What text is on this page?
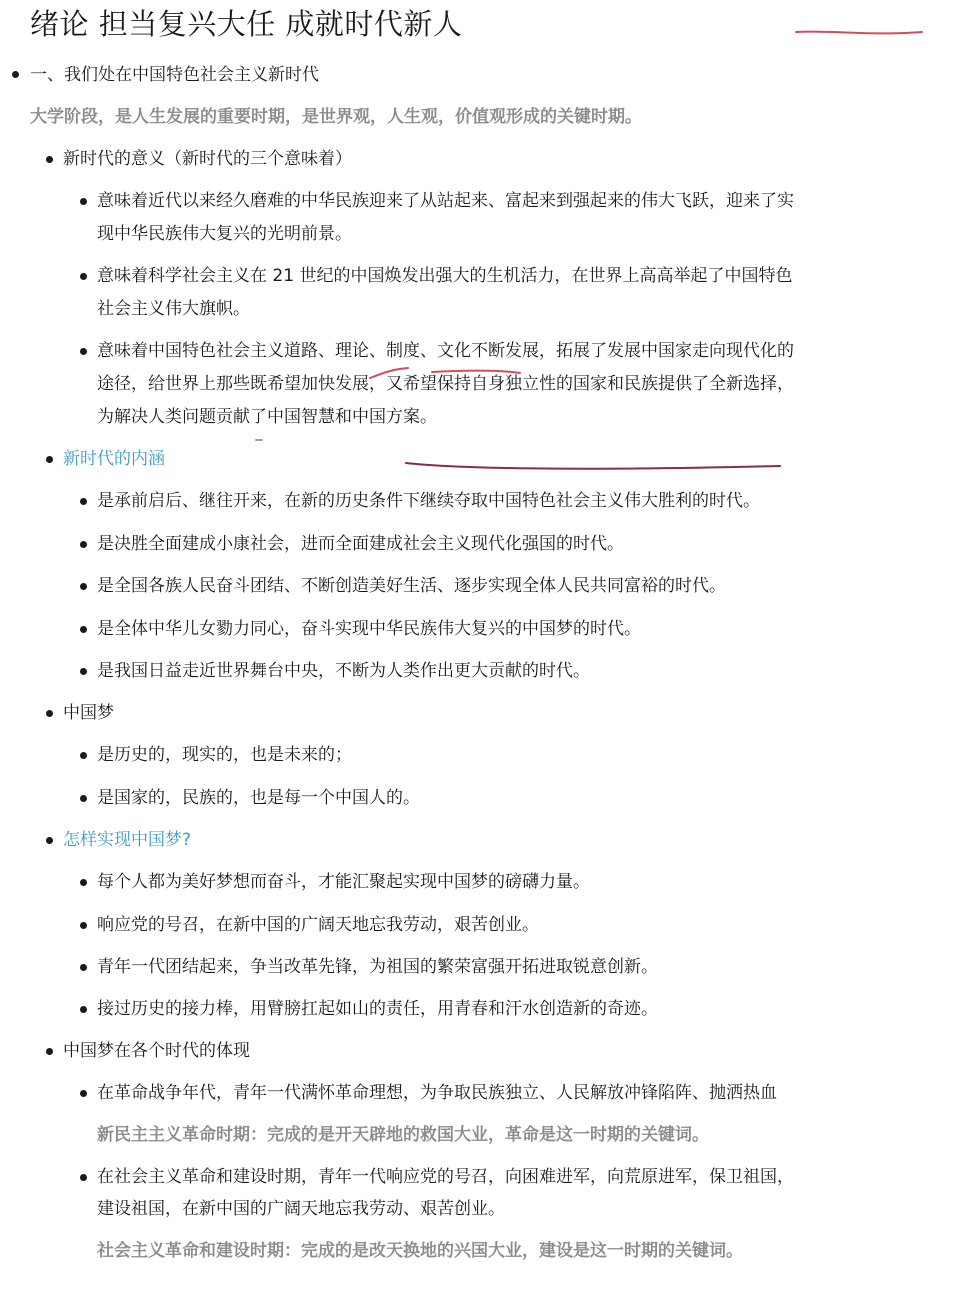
绪论 担当复兴大任 成就时代新人
一、我们处在中国特色社会主义新时代
大学阶段，是人生发展的重要时期，是世界观，人生观，价值观形成的关键时期。
新时代的意义（新时代的三个意味着）
意味着近代以来经久磨难的中华民族迎来了从站起来、富起来到强起来的伟大飞跃，迎来了实
现中华民族伟大复兴的光明前景。
意味着科学社会主义在 21 世纪的中国焕发出强大的生机活力，在世界上高高举起了中国特色
社会主义伟大旗帜。
意味着中国特色社会主义道路、理论、制度、文化不断发展，拓展了发展中国家走向现代化的
途径，给世界上那些既希望加快发展，又希望保持自身独立性的国家和民族提供了全新选择，
为解决人类问题贡献了中国智慧和中国方案。
新时代的内涵
是承前启后、继往开来，在新的历史条件下继续夺取中国特色社会主义伟大胜利的时代。
是决胜全面建成小康社会，进而全面建成社会主义现代化强国的时代。
是全国各族人民奋斗团结、不断创造美好生活、逐步实现全体人民共同富裕的时代。
是全体中华儿女勠力同心，奋斗实现中华民族伟大复兴的中国梦的时代。
是我国日益走近世界舞台中央，不断为人类作出更大贡献的时代。
中国梦
是历史的，现实的，也是未来的；
是国家的，民族的，也是每一个中国人的。
怎样实现中国梦?
每个人都为美好梦想而奋斗，才能汇聚起实现中国梦的磅礴力量。
响应党的号召，在新中国的广阔天地忘我劳动，艰苦创业。
青年一代团结起来，争当改革先锋，为祖国的繁荣富强开拓进取锐意创新。
接过历史的接力棒，用臂膀扛起如山的责任，用青春和汗水创造新的奇迹。
中国梦在各个时代的体现
在革命战争年代，青年一代满怀革命理想，为争取民族独立、人民解放冲锋陷阵、抛洒热血
新民主主义革命时期：完成的是开天辟地的救国大业，革命是这一时期的关键词。
在社会主义革命和建设时期，青年一代响应党的号召，向困难进军，向荒原进军，保卫祖国，
建设祖国，在新中国的广阔天地忘我劳动、艰苦创业。
社会主义革命和建设时期：完成的是改天换地的兴国大业，建设是这一时期的关键词。
